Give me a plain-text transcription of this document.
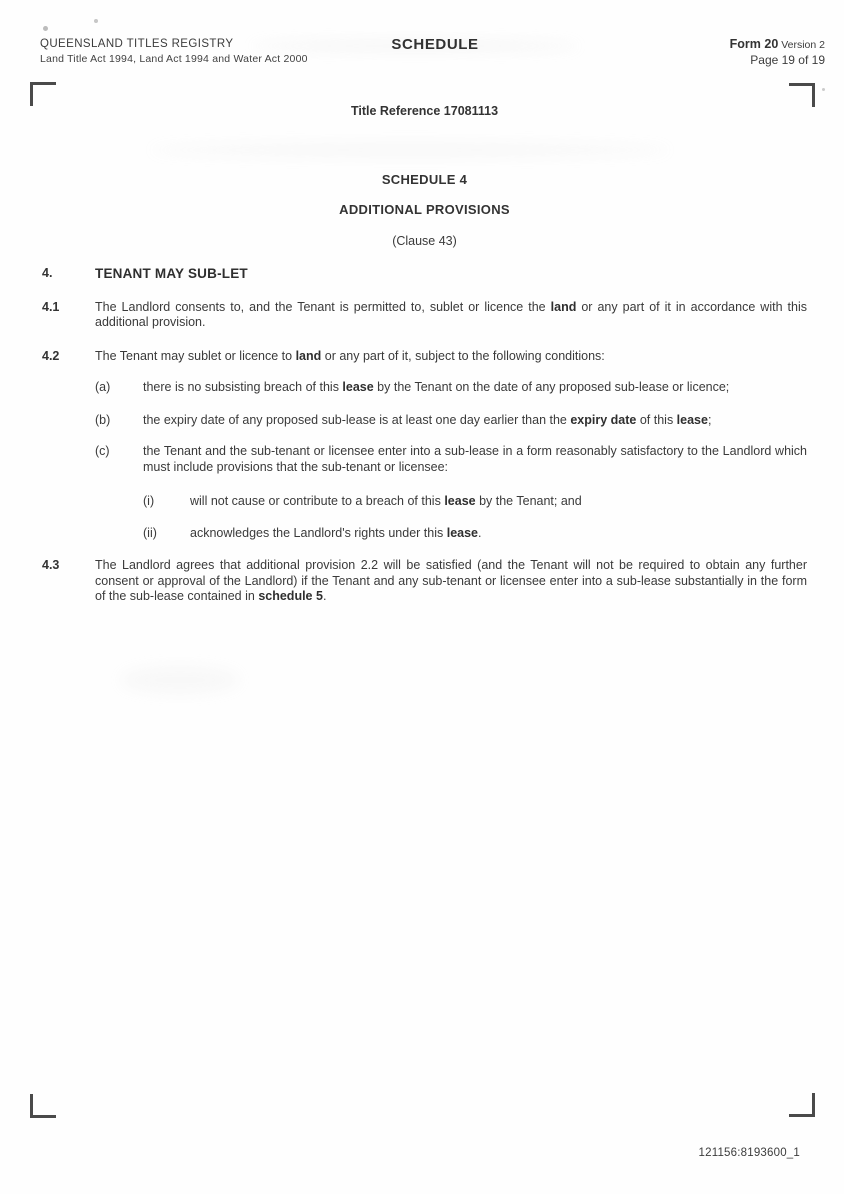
QUEENSLAND TITLES REGISTRY
Land Title Act 1994, Land Act 1994 and Water Act 2000
SCHEDULE	Form 20 Version 2
Page 19 of 19
Title Reference 17081113
SCHEDULE 4
ADDITIONAL PROVISIONS
(Clause 43)
4.	TENANT MAY SUB-LET
4.1	The Landlord consents to, and the Tenant is permitted to, sublet or licence the land or any part of it in accordance with this additional provision.
4.2	The Tenant may sublet or licence to land or any part of it, subject to the following conditions:
(a)	there is no subsisting breach of this lease by the Tenant on the date of any proposed sub-lease or licence;
(b)	the expiry date of any proposed sub-lease is at least one day earlier than the expiry date of this lease;
(c)	the Tenant and the sub-tenant or licensee enter into a sub-lease in a form reasonably satisfactory to the Landlord which must include provisions that the sub-tenant or licensee:
(i)	will not cause or contribute to a breach of this lease by the Tenant; and
(ii)	acknowledges the Landlord's rights under this lease.
4.3	The Landlord agrees that additional provision 2.2 will be satisfied (and the Tenant will not be required to obtain any further consent or approval of the Landlord) if the Tenant and any sub-tenant or licensee enter into a sub-lease substantially in the form of the sub-lease contained in schedule 5.
121156:8193600_1
